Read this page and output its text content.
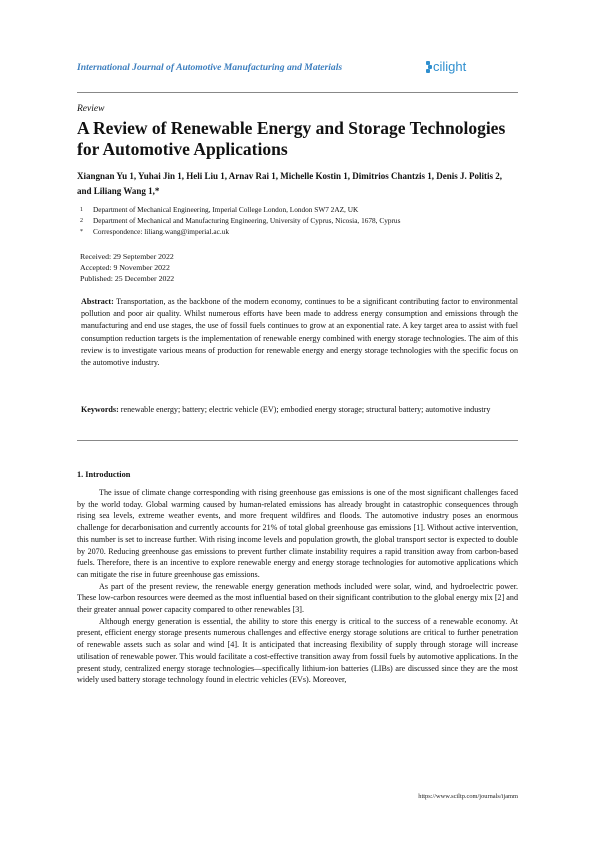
International Journal of Automotive Manufacturing and Materials	cilight
Review
A Review of Renewable Energy and Storage Technologies for Automotive Applications
Xiangnan Yu 1, Yuhai Jin 1, Heli Liu 1, Arnav Rai 1, Michelle Kostin 1, Dimitrios Chantzis 1, Denis J. Politis 2, and Liliang Wang 1,*
1	Department of Mechanical Engineering, Imperial College London, London SW7 2AZ, UK
2	Department of Mechanical and Manufacturing Engineering, University of Cyprus, Nicosia, 1678, Cyprus
*	Correspondence: liliang.wang@imperial.ac.uk
Received: 29 September 2022
Accepted: 9 November 2022
Published: 25 December 2022
Abstract: Transportation, as the backbone of the modern economy, continues to be a significant contributing factor to environmental pollution and poor air quality. Whilst numerous efforts have been made to address energy consumption and emissions through the manufacturing and end use stages, the use of fossil fuels continues to grow at an exponential rate. A key target area to assist with fuel consumption reduction targets is the implementation of renewable energy combined with energy storage technologies. The aim of this review is to investigate various means of production for renewable energy and energy storage technologies with the specific focus on the automotive industry.
Keywords: renewable energy; battery; electric vehicle (EV); embodied energy storage; structural battery; automotive industry
1. Introduction

The issue of climate change corresponding with rising greenhouse gas emissions is one of the most significant challenges faced by the world today. Global warming caused by human-related emissions has already brought in catastrophic consequences through rising sea levels, extreme weather events, and more frequent wildfires and floods. The automotive industry poses an enormous challenge for decarbonisation and currently accounts for 21% of total global greenhouse gas emissions [1]. Without active intervention, this number is set to increase further. With rising income levels and population growth, the global transport sector is expected to double by 2070. Reducing greenhouse gas emissions to prevent further climate instability requires a rapid transition away from carbon-based fuels. Therefore, there is an incentive to explore renewable energy and energy storage technologies for automotive applications which can mitigate the rise in future greenhouse gas emissions.

As part of the present review, the renewable energy generation methods included were solar, wind, and hydroelectric power. These low-carbon resources were deemed as the most influential based on their significant contribution to the global energy mix [2] and their greater annual power capacity compared to other renewables [3].

Although energy generation is essential, the ability to store this energy is critical to the success of a renewable economy. At present, efficient energy storage presents numerous challenges and effective energy storage solutions are critical to further penetration of renewable assets such as solar and wind [4]. It is anticipated that increasing flexibility of supply through storage will increase utilisation of renewable power. This would facilitate a cost-effective transition away from fossil fuels by automotive applications. In the present study, centralized energy storage technologies—specifically lithium-ion batteries (LIBs) are discussed since they are the most widely used battery storage technology found in electric vehicles (EVs). Moreover,

https://www.sciltp.com/journals/ijamm
